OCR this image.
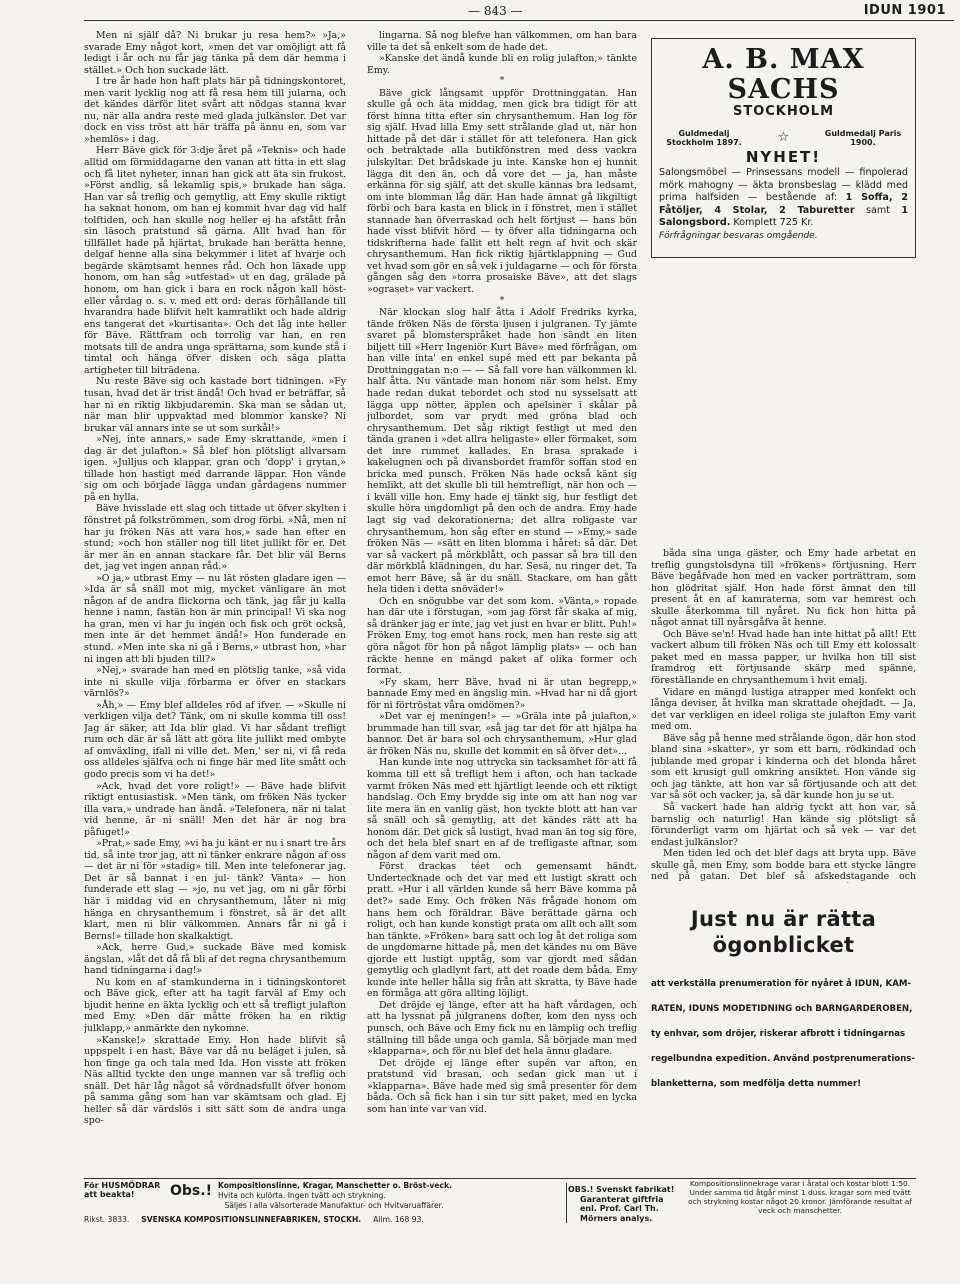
— 843 —	IDUN 1901

Men ni själf då? Ni brukar ju resa hem?» »Ja,» svarade Emy något kort, »men det var omöjligt att få ledigt i år och nu får jag tänka på dem där hemma i stället.» Och hon suckade lätt.

I tre år hade hon haft plats här på tidningskontoret, men varit lycklig nog att få resa hem till jularna, och det kändes därför litet svårt att nödgas stanna kvar nu, när alla andra reste med glada julkänslor. Det var dock en viss tröst att här träffa på ännu en, som var »hemlös» i dag.

Herr Bäve gick för 3:dje året på »Teknis» och hade alltid om förmiddagarne den vanan att titta in ett slag och få litet nyheter, innan han gick att äta sin frukost. »Först andlig, så lekamlig spis,» brukade han säga. Han var så treflig och gemytlig, att Emy skulle riktigt ha saknat honom, om han ej kommit hvar dag vid half tolftiden, och han skulle nog heller ej ha afstått från sin läsoch pratstund så gärna. Allt hvad han för tillfället hade på hjärtat, brukade han berätta henne, delgaf henne alla sina bekymmer i litet af hvarje och begärde skämtsamt hennes råd. Och hon läxade upp honom, om han såg »utfestad» ut en dag, grälade på honom, om han gick i bara en rock någon kall höst- eller vårdag o. s. v. med ett ord: deras förhållande till hvarandra hade blifvit helt kamratlikt och hade aldrig ens tangerat det »kurtisanta». Och det låg inte heller för Bäve. Rättfram och torrolig var han, en ren motsats till de andra unga sprättarna, som kunde stå i timtal och hänga öfver disken och säga platta artigheter till biträdena.

Nu reste Bäve sig och kastade bort tidningen. »Fy tusan, hvad det är trist ändå! Och hvad er beträffar, så har ni en riktig likbjudaremin. Ska man se sådan ut, när man blir uppvaktad med blommor kanske? Ni brukar väl annars inte se ut som surkål!»

»Nej, inte annars,» sade Emy skrattande, »men i dag är det julafton.» Så blef hon plötsligt allvarsam igen. »Julljus och klappar, gran och 'dopp' i grytan,» tillade hon hastigt med darrande läppar. Hon vände sig om och började lägga undan gårdagens nummer på en hylla.

Bäve hvisslade ett slag och tittade ut öfver skylten i fönstret på folkströmmen, som drog förbi. »Nå, men ni har ju fröken Näs att vara hos,» sade han efter en stund; »och hon ställer nog till litet jullikt för er. Det är mer än en annan stackare får. Det blir väl Berns det, jag vet ingen annan råd.»

»O ja,» utbrast Emy — nu lät rösten gladare igen — »Ida är så snäll mot mig, mycket vänligare än mot någon af de andra flickorna och tänk, jag får ju kalla henne i namn, fastän hon är min principal! Vi ska nog ha gran, men vi har ju ingen och fisk och gröt också, men inte är det hemmet ändå!» Hon funderade en stund. »Men inte ska ni gå i Berns,» utbrast hon, »har ni ingen att bli bjuden till?»

»Nej,» svarade han med en plötslig tanke, »så vida inte ni skulle vilja förbarma er öfver en stackars värnlös?»

»Åh,» — Emy blef alldeles röd af ifver. — »Skulle ni verkligen vilja det? Tänk, om ni skulle komma till oss! Jag är säker, att Ida blir glad. Vi har sådant trefligt rum och där är så lätt att göra lite jullikt med ombyte af omväxling, ifall ni ville det. Men,' ser ni, vi få reda oss alldeles själfva och ni finge här med lite smått och godo precis som vi ha det!»

»Ack, hvad det vore roligt!» — Bäve hade blifvit riktigt entusiastisk. »Men tänk, om fröken Näs tycker illa vara,» undrade han ändå. »Telefonera, när ni talat vid henne, är ni snäll! Men det här är nog bra påfuget!»

»Prat,» sade Emy, »vi ha ju känt er nu i snart tre års tid, så inte tror jag, att ni tänker enkrare någon af oss — det är ni för »stadig» till. Men inte telefonerar jag. Det är så bannat i en jul- tänk? Vänta» — hon funderade ett slag — »jo, nu vet jag, om ni går förbi här i middag vid en chrysanthemum, låter ni mig hänga en chrysanthemum i fönstret, så är det allt klart, men ni blir välkommen. Annars får ni gå i Berns!» tillade hon skalkaktigt.

»Ack, herre Gud,» suckade Bäve med komisk ängslan, »låt det då få bli af det regna chrysanthemum hand tidningarna i dag!»

Nu kom en af stamkunderna in i tidningskontoret och Bäve gick, efter att ha tagit farväl af Emy och bjudit henne en äkta lycklig och ett så trefligt julafton med Emy. »Den där måtte fröken ha en riktig julklapp,» anmärkte den nykomne.

»Kanske!» skrattade Emy. Hon hade blifvit så uppspelt i en hast. Bäve var då nu beläget i julen, så hon finge ga och tala med Ida. Hon visste att fröken Näs alltid tyckte den unge mannen var så treflig och snäll. Det här låg något så vördnadsfullt öfver honom på samma gång som han var skämtsam och glad. Ej heller så där värdslös i sitt sätt som de andra unga spo-

lingarna. Så nog blefve han välkommen, om han bara ville ta det så enkelt som de hade det.

»Kanske det ändå kunde bli en rolig julafton,» tänkte Emy.

*

Bäve gick långsamt uppför Drottninggatan. Han skulle gå och äta middag, men gick bra tidigt för att först hinna titta efter sin chrysanthemum. Han log för sig själf. Hvad lilla Emy sett strålande glad ut, när hon hittade på det där i stället för att telefonera. Han gick och betraktade alla butikfönstren med dess vackra julskyltar. Det brådskade ju inte. Kanske hon ej hunnit lägga dit den än, och då vore det — ja, han måste erkänna för sig själf, att det skulle kännas bra ledsamt, om inte blomman låg där. Han hade ämnat gå likgiltigt förbi och bara kasta en blick in i fönstret, men i stället stannade han öfverraskad och helt förtjust — hans bön hade visst blifvit hörd — ty öfver alla tidningarna och tidskrifterna hade fallit ett helt regn af hvit och skär chrysanthemum. Han fick riktig hjärtklappning — Gud vet hvad som gör en så vek i juldagarne — och för första gången såg den »torra prosaiske Bäve», att det slags »ograset» var vackert.

*

När klockan slog half åtta i Adolf Fredriks kyrka, tände fröken Näs de första ljusen i julgranen. Ty jämte svaret på blomsterspråket hade hon sändt en liten biljett till »Herr Ingeniör Kurt Bäve» med förfrågan, om han ville inta' en enkel supé med ett par bekanta på Drottninggatan n:o — — Så fall vore han välkommen kl. half åtta. Nu väntade man honom när som helst. Emy hade redan dukat tebordet och stod nu sysselsatt att lägga upp nötter, äpplen och apelsiner i skålar på julbordet, som var prydt med gröna blad och chrysanthemum. Det såg riktigt festligt ut med den tända granen i »det allra heligaste» eller förmaket, som det inre rummet kallades. En brasa sprakade i kakelugnen och på divansbordet framför soffan stod en bricka med punsch. Fröken Näs hade också känt sig hemlikt, att det skulle bli till hemtrefligt, när hon och — i kväll ville hon. Emy hade ej tänkt sig, hur festligt det skulle höra ungdomligt på den och de andra. Emy hade lagt sig vad dekorationerna; det allra roligaste var chrysanthemum, hon såg efter en stund — »Emy,» sade fröken Näs — »sätt en liten blomma i håret: så där. Det var så vackert på mörkblått, och passar så bra till den där mörkblå klädningen, du har. Sesä, nu ringer det. Ta emot herr Bäve, så är du snäll. Stackare, om han gått hela tiden i detta snöväder!»

Och en snögubbe var det som kom. »Vänta,» ropade han där ute i förstugan, »om jag först får skaka af mig, så dränker jag er inte, jag vet just en hvar er blitt. Puh!» Fröken Emy, tog emot hans rock, men han reste sig att göra något för hon på något lämplig plats» — och han räckte henne en mängd paket af olika former och format.

»Fy skam, herr Bäve, hvad ni är utan begrepp,» bannade Emy med en ängslig min. »Hvad har ni då gjort för ni förtröstat våra omdömen?»

»Det var ej meningen!» — »Gräla inte på julafton,» brummade han till svar, »så jag tar det för att hjälpa ha bannor. Det är bara sol och chrysanthemum, »Hur glad är fröken Näs nu, skulle det kommit en så öfver det»...

Han kunde inte nog uttrycka sin tacksamhet för att få komma till ett så trefligt hem i afton, och han tackade varmt fröken Näs med ett hjärtligt leende och ett riktigt handslag. Och Emy brydde sig inte om att han nog var lite mera än en vanlig gäst, hon tyckte blott att han var så snäll och så gemytlig, att det kändes rätt att ha honom där. Det gick så lustigt, hvad man än tog sig före, och det hela blef snart en af de trefligaste aftnar, som någon af dem varit med om.

Först drackas téet och gemensamt händt. Undertecknade och det var med ett lustigt skratt och pratt. »Hur i all världen kunde så herr Bäve komma på det?» sade Emy. Och fröken Näs frågade honom om hans hem och föräldrar. Bäve berättade gärna och roligt, och han kunde konstigt prata om allt och allt som han tänkte. »Fröken» bara satt och log åt det roliga som de ungdomarne hittade på, men det kändes nu om Bäve gjorde ett lustigt upptåg, som var gjordt med sådan gemytlig och gladlynt fart, att det roade dem båda. Emy kunde inte heller hålla sig från att skratta, ty Bäve hade en förmåga att göra allting löjligt.

Det dröjde ej länge, efter att ha haft vårdagen, och att ha lyssnat på julgranens dofter, kom den nyss och punsch, och Bäve och Emy fick nu en lämplig och treflig ställning till både unga och gamla. Så började man med »klapparna», och för nu blef det hela ännu gladare.

Det dröjde ej länge efter supén var afton, en pratstund vid brasan, och sedan gick man ut i »klapparna». Bäve hade med sig små presenter för dem båda. Och så fick han i sin tur sitt paket, med en lycka som han inte var van vid.

A. B. MAX SACHS
STOCKHOLM
Guldmedalj Stockholm 1897.	☆	Guldmedalj Paris 1900.
NYHET!
Salongsmöbel — Prinsessans modell — finpolerad mörk mahogny — äkta bronsbeslag — klädd med prima halfsiden — bestående af: 1 Soffa, 2 Fåtöljer, 4 Stolar, 2 Taburetter samt 1 Salongsbord. Komplett 725 Kr.
Förfrågningar besvaras omgående.

båda sina unga gäster, och Emy hade arbetat en treflig gungstolsdyna till »frökens» förtjusning. Herr Bäve begåfvade hon med en vacker porträttram, som hon glödritat själf. Hon hade först ämnat den till present åt en af kamraterna, som var hemrest och skulle återkomma till nyåret. Nu fick hon hitta på något annat till nyårsgåfva åt henne.

Och Bäve se'n! Hvad hade han inte hittat på allt! Ett vackert album till fröken Näs och till Emy ett kolossalt paket med en massa papper, ur hvilka hon till sist framdrog ett förtjusande skärp med spänne, förestäIlande en chrysanthemum i hvit emalj.

Vidare en mängd lustiga atrapper med konfekt och långa deviser, åt hvilka man skrattade ohejdadt. — Ja, det var verkligen en ideel roliga ste julafton Emy varit med om.

Bäve såg på henne med strålande ögon, där hon stod bland sina »skatter», yr som ett barn, rödkindad och jublande med gropar i kinderna och det blonda håret som ett krusigt gull omkring ansiktet. Hon vände sig och jag tänkte, att hon var så förtjusande och att det var så söt och vacker, ja, så där kunde hon ju se ut.

Så vackert hade han aldrig tyckt att hon var, så barnslig och naturlig! Han kände sig plötsligt så förunderligt varm om hjärtat och så vek — var det endast julkänslor?

Men tiden led och det blef dags att bryta upp. Bäve skulle gå, men Emy, som bodde bara ett stycke längre ned på gatan. Det blef så afskedstagande och

Just nu är rätta ögonblicket
att verkställa prenumeration för nyåret å IDUN, KAM-
RATEN, IDUNS MODETIDNING och BARNGARDEROBEN,
ty enhvar, som dröjer, riskerar afbrott i tidningarnas
regelbundna expedition. Använd postprenumerations-
blanketterna, som medfölja detta nummer!
För HUSMÖDRAR att beakta!	Obs.! Kompositionslinne, Kragar, Manschetter o. Bröst-veck.
Hvita och kulörta. Ingen tvätt och strykning.
Säljes i alla välsorterade Manufaktur- och Hvitvaruaffärer.
Rikst. 3833. SVENSKA KOMPOSITIONSLINNEFABRIKEN, STOCKH. Allm. 168 93.
OBS.! Svenskt fabrikat!
Garanterat giftfria
enl. Prof. Carl Th.
Mörners analys.
Kompositionslinnekrage varar i åratal och kostar blott 1:50. Under samma tid åtgår minst 1 duss. kragar som med tvätt och strykning kostar något 20 kronor. Jämförande resultat af veck och manschetter.
